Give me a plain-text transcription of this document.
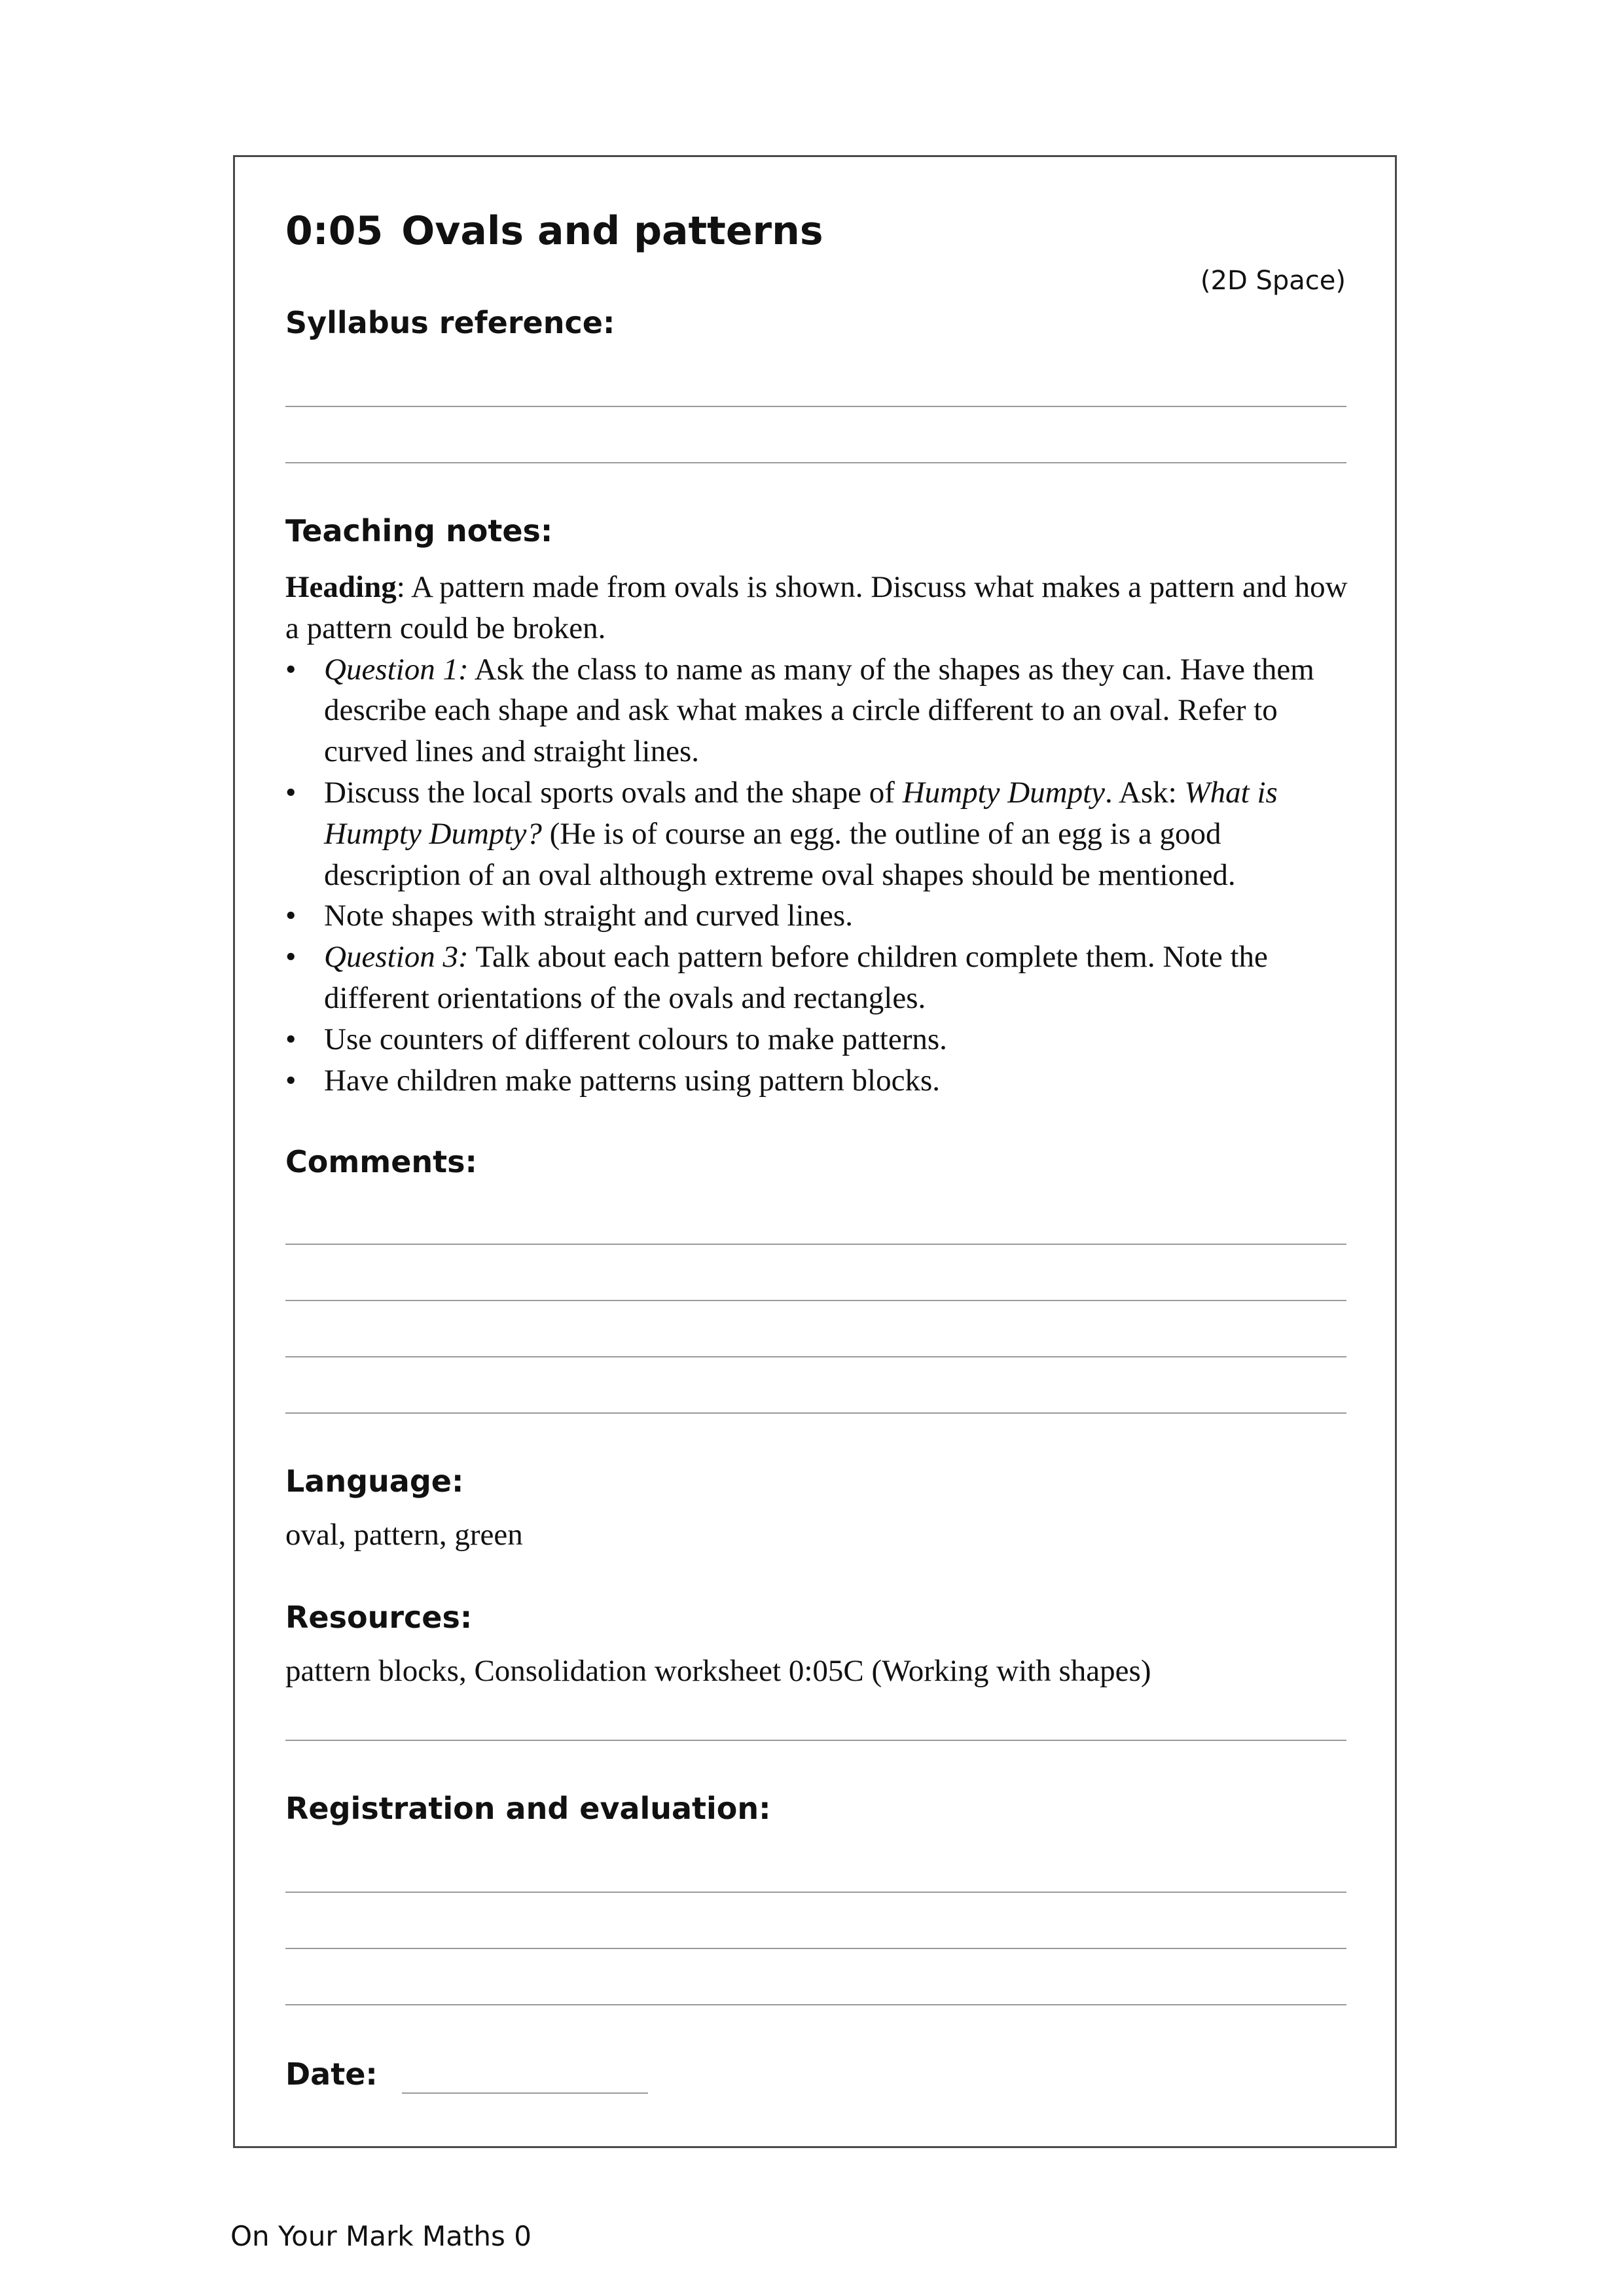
0:05 Ovals and patterns
(2D Space)
Syllabus reference:
Teaching notes:

Heading: A pattern made from ovals is shown. Discuss what makes a pattern and how a pattern could be broken.

• Question 1: Ask the class to name as many of the shapes as they can. Have them describe each shape and ask what makes a circle different to an oval. Refer to curved lines and straight lines.
• Discuss the local sports ovals and the shape of Humpty Dumpty. Ask: What is Humpty Dumpty? (He is of course an egg. the outline of an egg is a good description of an oval although extreme oval shapes should be mentioned.
• Note shapes with straight and curved lines.
• Question 3: Talk about each pattern before children complete them. Note the different orientations of the ovals and rectangles.
• Use counters of different colours to make patterns.
• Have children make patterns using pattern blocks.
Comments:
Language:
oval, pattern, green
Resources:
pattern blocks, Consolidation worksheet 0:05C (Working with shapes)
Registration and evaluation:
Date:
On Your Mark Maths 0
